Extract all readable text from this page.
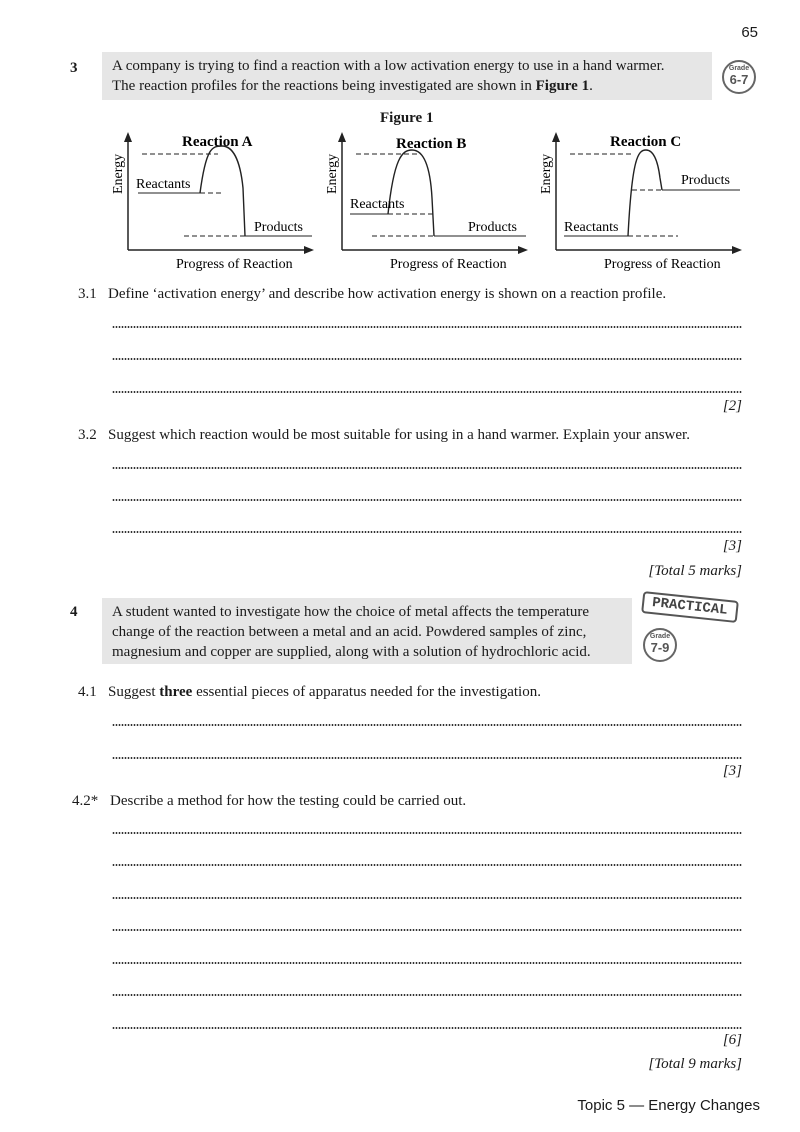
65
3 A company is trying to find a reaction with a low activation energy to use in a hand warmer.
The reaction profiles for the reactions being investigated are shown in Figure 1.
Grade
6-7
Figure 1
Reaction A
Energy Reactants
Products
Progress of Reaction
Reaction B
Energy
Reactants
Products
Progress of Reaction
Reaction C
Energy
Reactants
Products
Progress of Reaction
3.1 Define ‘activation energy’ and describe how activation energy is shown on a reaction profile.
[2]
3.2 Suggest which reaction would be most suitable for using in a hand warmer. Explain your answer.
[3]
[Total 5 marks]
4 A student wanted to investigate how the choice of metal affects the temperature
change of the reaction between a metal and an acid. Powdered samples of zinc,
magnesium and copper are supplied, along with a solution of hydrochloric acid.
PRACTICAL
Grade
7-9
4.1 Suggest three essential pieces of apparatus needed for the investigation.
[3]
4.2* Describe a method for how the testing could be carried out.
[6]
[Total 9 marks]
Topic 5 — Energy Changes
